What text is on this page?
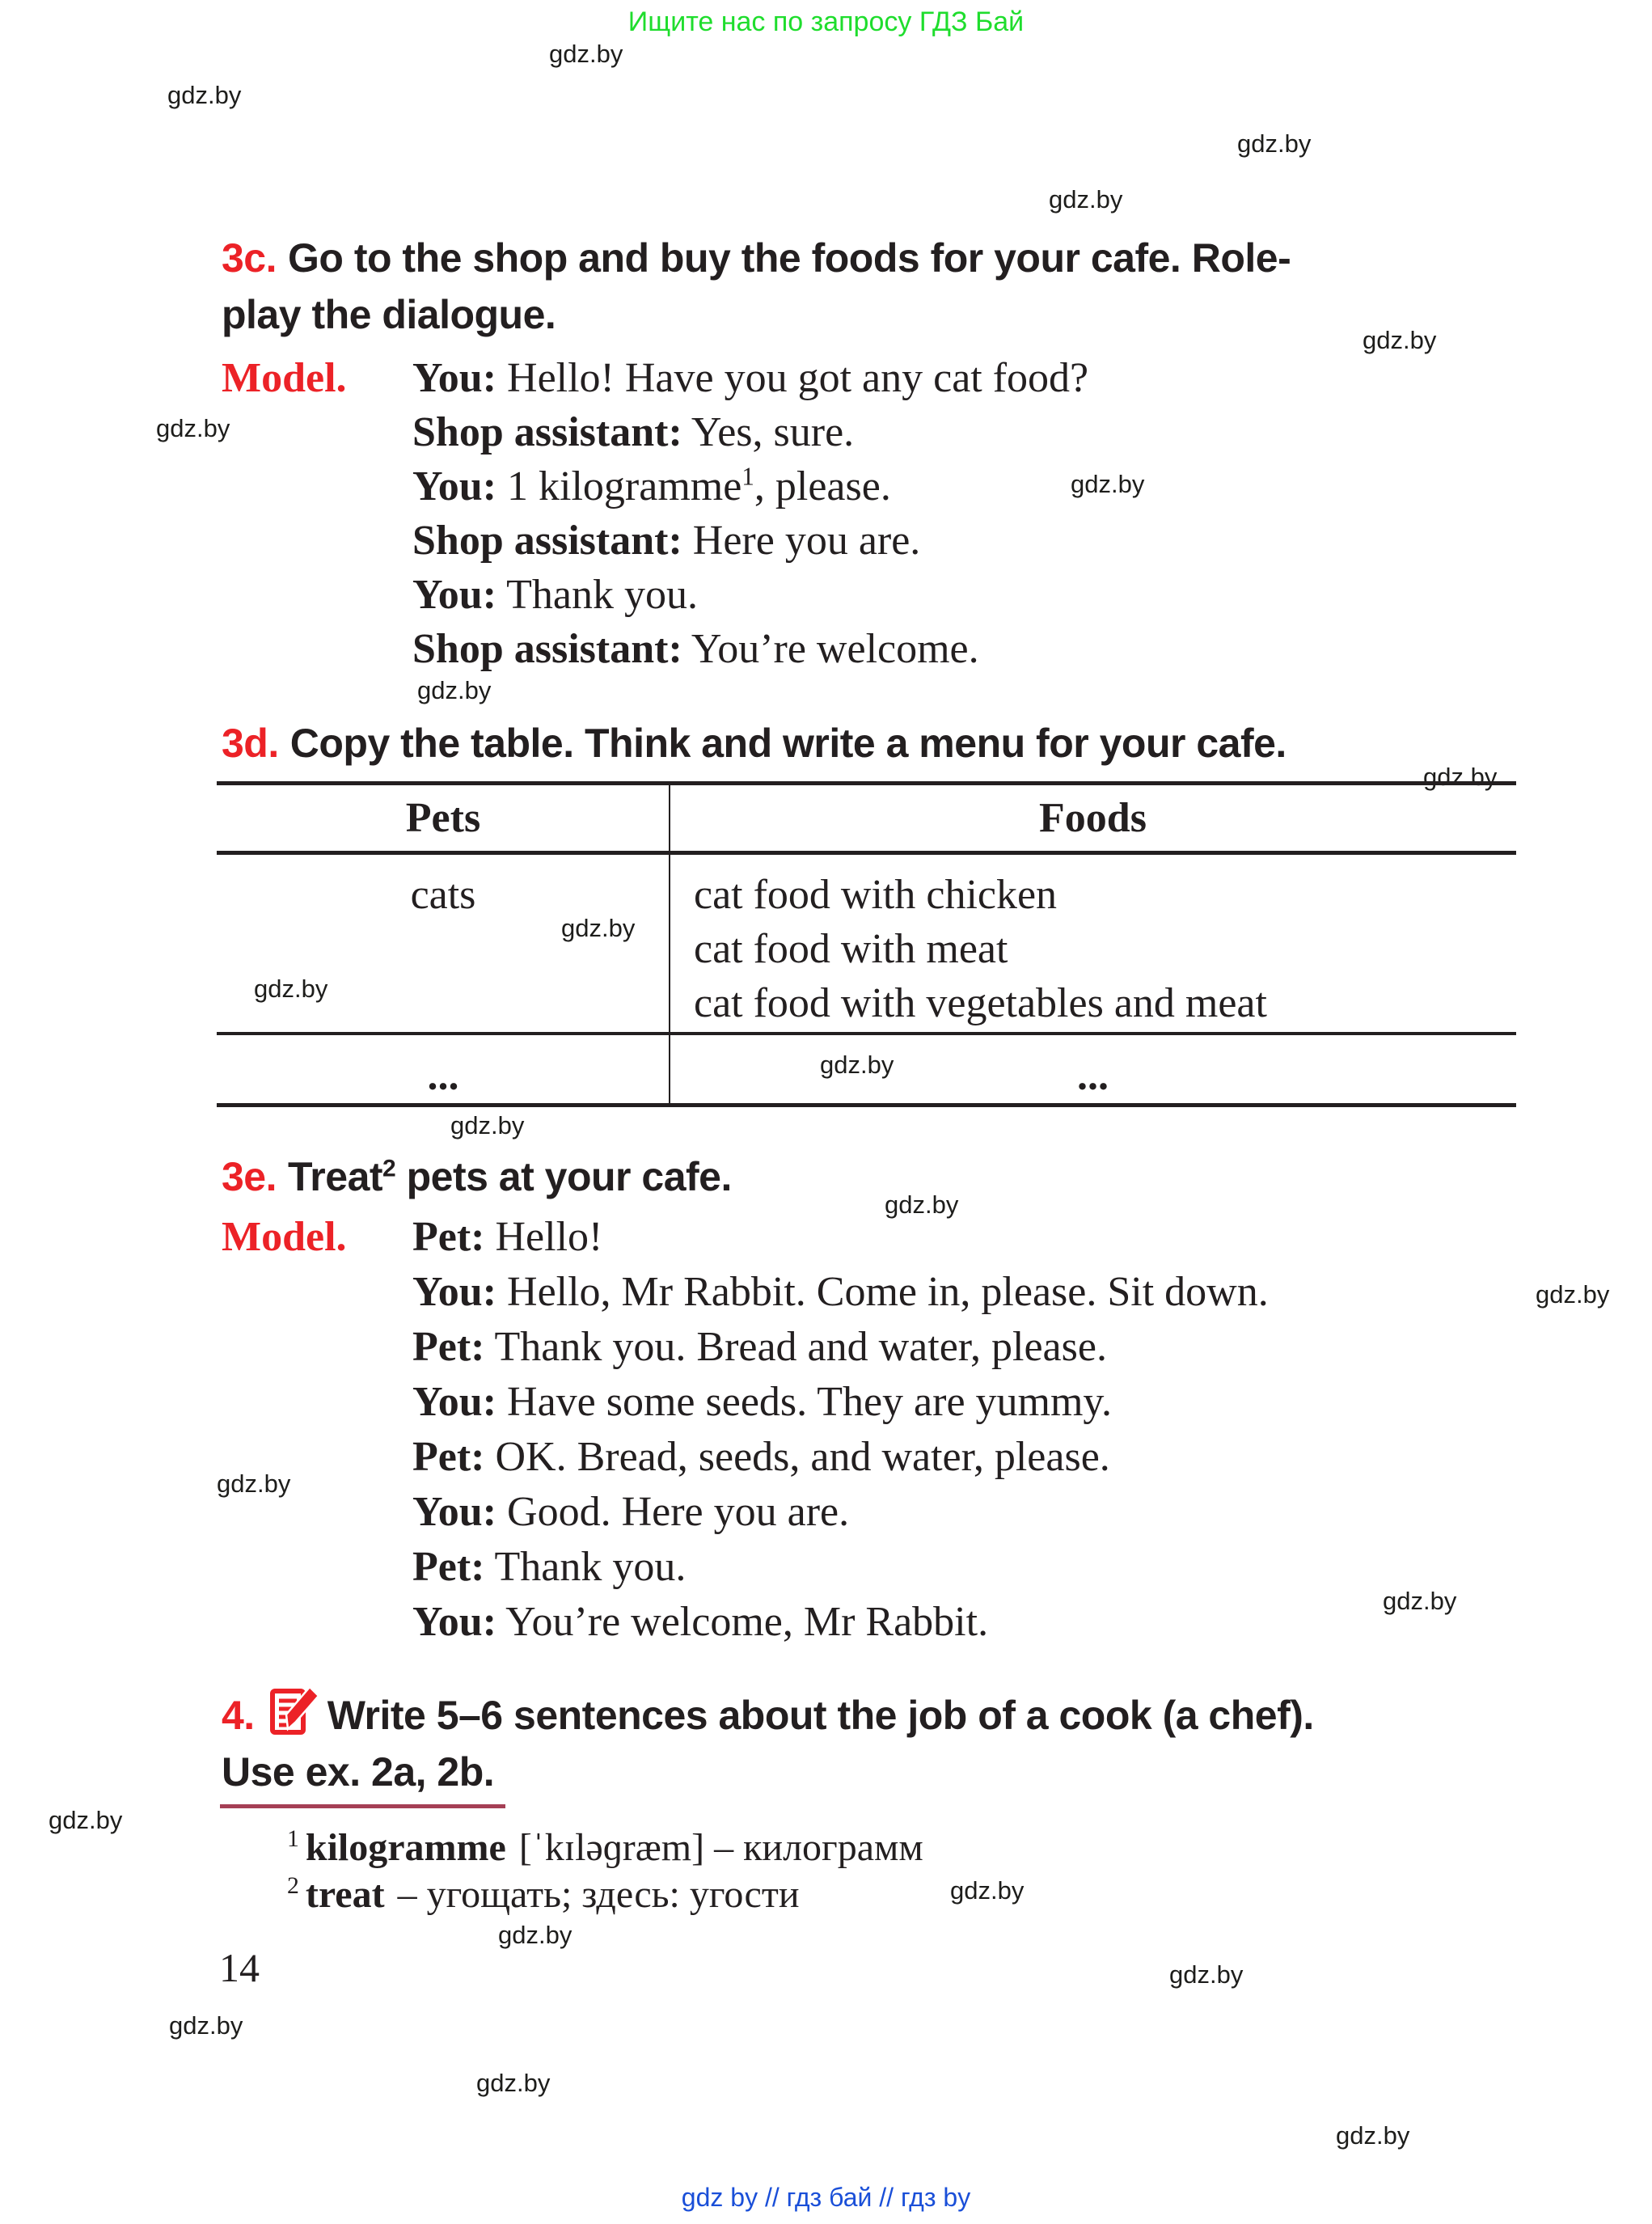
Ищите нас по запросу ГДЗ Бай
gdz.by
gdz.by
gdz.by
gdz.by
gdz.by
gdz.by
gdz.by
gdz.by
gdz.by
gdz.by
gdz.by
gdz.by
gdz.by
gdz.by
gdz.by
gdz.by
gdz.by
gdz.by
gdz.by
gdz.by
gdz.by
gdz.by
gdz.by
gdz.by
3c. Go to the shop and buy the foods for your cafe. Role-
play the dialogue.
Model. You: Hello! Have you got any cat food?
Shop assistant: Yes, sure.
You: 1 kilogramme$^1$, please.
Shop assistant: Here you are.
You: Thank you.
Shop assistant: You’re welcome.
3d. Copy the table. Think and write a menu for your cafe.
Pets	Foods
cats	cat food with chicken
cat food with meat
cat food with vegetables and meat
...	...
3e. Treat$^2$ pets at your cafe.
Model. Pet: Hello!
You: Hello, Mr Rabbit. Come in, please. Sit down.
Pet: Thank you. Bread and water, please.
You: Have some seeds. They are yummy.
Pet: OK. Bread, seeds, and water, please.
You: Good. Here you are.
Pet: Thank you.
You: You’re welcome, Mr Rabbit.
4. Write 5–6 sentences about the job of a cook (a chef).
Use ex. 2a, 2b.
$^1$ kilogramme [ˈkɪləɡræm] – килограмм
$^2$ treat – угощать; здесь: угости
14
gdz by // гдз бай // гдз by
